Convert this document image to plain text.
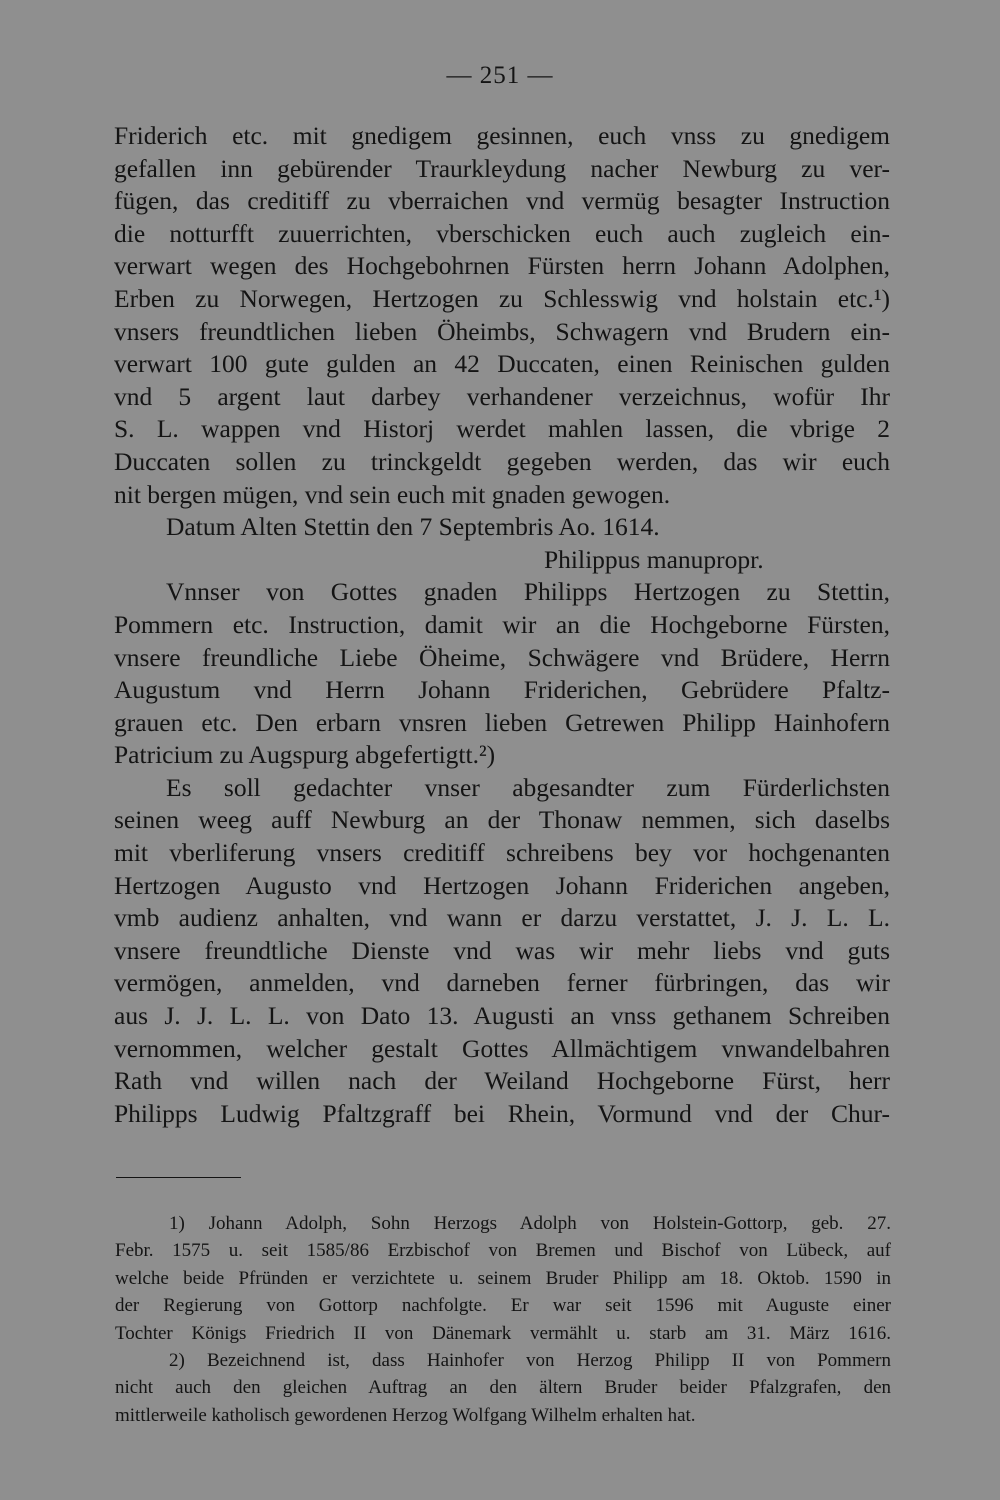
— 251 —
Friderich etc. mit gnedigem gesinnen, euch vnss zu gnedigem
gefallen inn gebürender Traurkleydung nacher Newburg zu ver-
fügen, das creditiff zu vberraichen vnd vermüg besagter Instruction
die notturfft zuuerrichten, vberschicken euch auch zugleich ein-
verwart wegen des Hochgebohrnen Fürsten herrn Johann Adolphen,
Erben zu Norwegen, Hertzogen zu Schlesswig vnd holstain etc.¹)
vnsers freundtlichen lieben Öheimbs, Schwagern vnd Brudern ein-
verwart 100 gute gulden an 42 Duccaten, einen Reinischen gulden
vnd 5 argent laut darbey verhandener verzeichnus, wofür Ihr
S. L. wappen vnd Historj werdet mahlen lassen, die vbrige 2
Duccaten sollen zu trinckgeldt gegeben werden, das wir euch
nit bergen mügen, vnd sein euch mit gnaden gewogen.
Datum Alten Stettin den 7 Septembris Ao. 1614.
Philippus manupropr.
Vnnser von Gottes gnaden Philipps Hertzogen zu Stettin,
Pommern etc. Instruction, damit wir an die Hochgeborne Fürsten,
vnsere freundliche Liebe Öheime, Schwägere vnd Brüdere, Herrn
Augustum vnd Herrn Johann Friderichen, Gebrüdere Pfaltz-
grauen etc. Den erbarn vnsren lieben Getrewen Philipp Hainhofern
Patricium zu Augspurg abgefertigtt.²)
Es soll gedachter vnser abgesandter zum Fürderlichsten
seinen weeg auff Newburg an der Thonaw nemmen, sich daselbs
mit vberliferung vnsers creditiff schreibens bey vor hochgenanten
Hertzogen Augusto vnd Hertzogen Johann Friderichen angeben,
vmb audienz anhalten, vnd wann er darzu verstattet, J. J. L. L.
vnsere freundtliche Dienste vnd was wir mehr liebs vnd guts
vermögen, anmelden, vnd darneben ferner fürbringen, das wir
aus J. J. L. L. von Dato 13. Augusti an vnss gethanem Schreiben
vernommen, welcher gestalt Gottes Allmächtigem vnwandelbahren
Rath vnd willen nach der Weiland Hochgeborne Fürst, herr
Philipps Ludwig Pfaltzgraff bei Rhein, Vormund vnd der Chur-
1) Johann Adolph, Sohn Herzogs Adolph von Holstein-Gottorp, geb. 27.
Febr. 1575 u. seit 1585/86 Erzbischof von Bremen und Bischof von Lübeck, auf
welche beide Pfründen er verzichtete u. seinem Bruder Philipp am 18. Oktob. 1590 in
der Regierung von Gottorp nachfolgte. Er war seit 1596 mit Auguste einer
Tochter Königs Friedrich II von Dänemark vermählt u. starb am 31. März 1616.
2) Bezeichnend ist, dass Hainhofer von Herzog Philipp II von Pommern
nicht auch den gleichen Auftrag an den ältern Bruder beider Pfalzgrafen, den
mittlerweile katholisch gewordenen Herzog Wolfgang Wilhelm erhalten hat.
